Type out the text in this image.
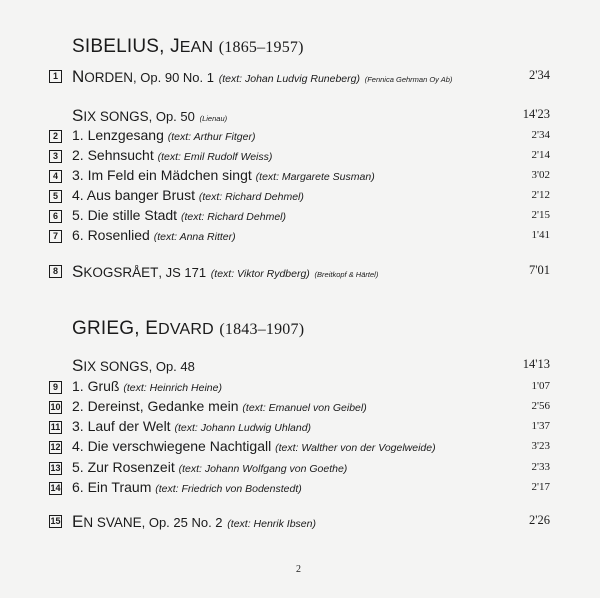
SIBELIUS, JEAN (1865–1957)
1 NORDEN, Op. 90 No. 1 (text: Johan Ludvig Runeberg) (Fennica Gehrman Oy Ab)	2'34
SIX SONGS, Op. 50 (Lienau)	14'23
2 1. Lenzgesang (text: Arthur Fitger)	2'34
3 2. Sehnsucht (text: Emil Rudolf Weiss)	2'14
4 3. Im Feld ein Mädchen singt (text: Margarete Susman)	3'02
5 4. Aus banger Brust (text: Richard Dehmel)	2'12
6 5. Die stille Stadt (text: Richard Dehmel)	2'15
7 6. Rosenlied (text: Anna Ritter)	1'41
8 SKOGSRÅET, JS 171 (text: Viktor Rydberg) (Breitkopf & Härtel)	7'01
GRIEG, EDVARD (1843–1907)
SIX SONGS, Op. 48	14'13
9 1. Gruß (text: Heinrich Heine)	1'07
10 2. Dereinst, Gedanke mein (text: Emanuel von Geibel)	2'56
11 3. Lauf der Welt (text: Johann Ludwig Uhland)	1'37
12 4. Die verschwiegene Nachtigall (text: Walther von der Vogelweide)	3'23
13 5. Zur Rosenzeit (text: Johann Wolfgang von Goethe)	2'33
14 6. Ein Traum (text: Friedrich von Bodenstedt)	2'17
15 EN SVANE, Op. 25 No. 2 (text: Henrik Ibsen)	2'26
2
